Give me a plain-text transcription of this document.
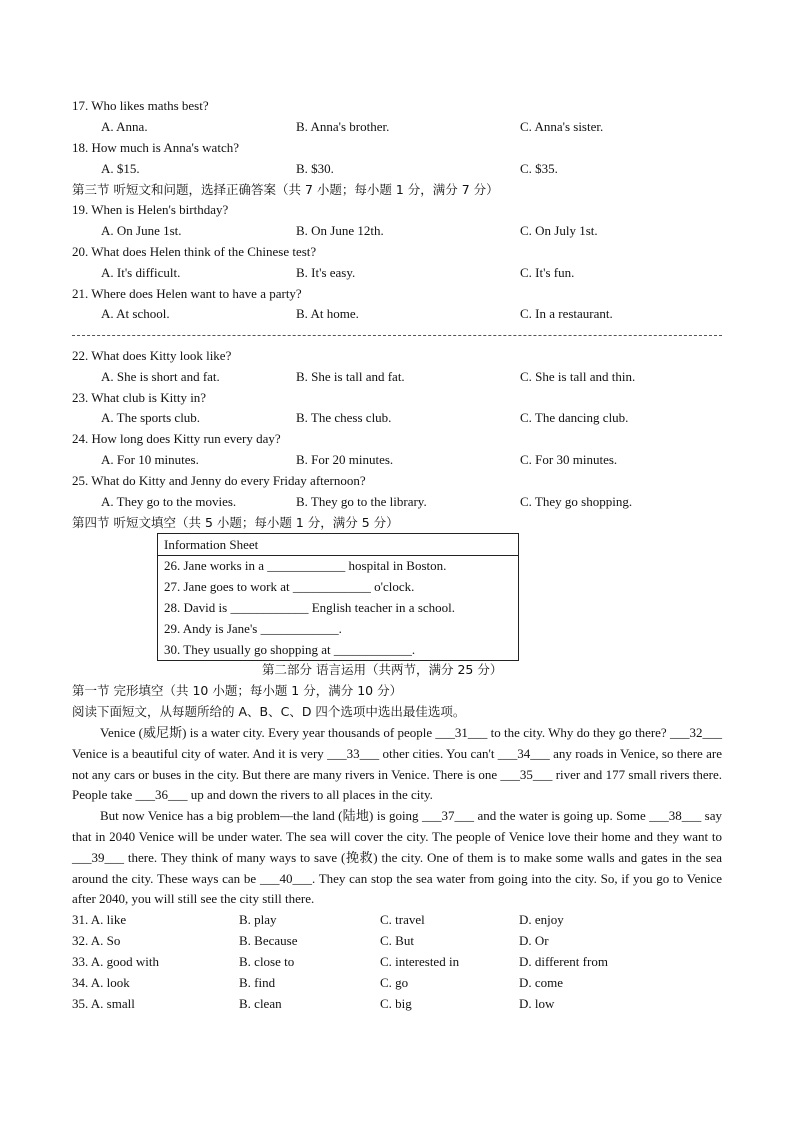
17. Who likes maths best?
A. Anna.	B. Anna's brother.	C. Anna's sister.
18. How much is Anna's watch?
A. $15.	B. $30.	C. $35.
第三节 听短文和问题，选择正确答案（共 7 小题；每小题 1 分，满分 7 分）
19. When is Helen's birthday?
A. On June 1st.	B. On June 12th.	C. On July 1st.
20. What does Helen think of the Chinese test?
A. It's difficult.	B. It's easy.	C. It's fun.
21. Where does Helen want to have a party?
A. At school.	B. At home.	C. In a restaurant.
22. What does Kitty look like?
A. She is short and fat.	B. She is tall and fat.	C. She is tall and thin.
23. What club is Kitty in?
A. The sports club.	B. The chess club.	C. The dancing club.
24. How long does Kitty run every day?
A. For 10 minutes.	B. For 20 minutes.	C. For 30 minutes.
25. What do Kitty and Jenny do every Friday afternoon?
A. They go to the movies.	B. They go to the library.	C. They go shopping.
第四节 听短文填空（共 5 小题；每小题 1 分，满分 5 分）
Information Sheet
26. Jane works in a ____________ hospital in Boston.
27. Jane goes to work at ____________ o'clock.
28. David is ____________ English teacher in a school.
29. Andy is Jane's ____________.
30. They usually go shopping at ____________.
第二部分 语言运用（共两节，满分 25 分）
第一节 完形填空（共 10 小题；每小题 1 分，满分 10 分）
阅读下面短文，从每题所给的 A、B、C、D 四个选项中选出最佳选项。

Venice (威尼斯) is a water city. Every year thousands of people ___31___ to the city. Why do they go there? ___32___ Venice is a beautiful city of water. And it is very ___33___ other cities. You can't ___34___ any roads in Venice, so there are not any cars or buses in the city. But there are many rivers in Venice. There is one ___35___ river and 177 small rivers there. People take ___36___ up and down the rivers to all places in the city.

But now Venice has a big problem—the land (陆地) is going ___37___ and the water is going up. Some ___38___ say that in 2040 Venice will be under water. The sea will cover the city. The people of Venice love their home and they want to ___39___ there. They think of many ways to save (挽救) the city. One of them is to make some walls and gates in the sea around the city. These ways can be ___40___. They can stop the sea water from going into the city. So, if you go to Venice after 2040, you will still see the city still there.

31. A. like	B. play	C. travel	D. enjoy
32. A. So	B. Because	C. But	D. Or
33. A. good with	B. close to	C. interested in	D. different from
34. A. look	B. find	C. go	D. come
35. A. small	B. clean	C. big	D. low
